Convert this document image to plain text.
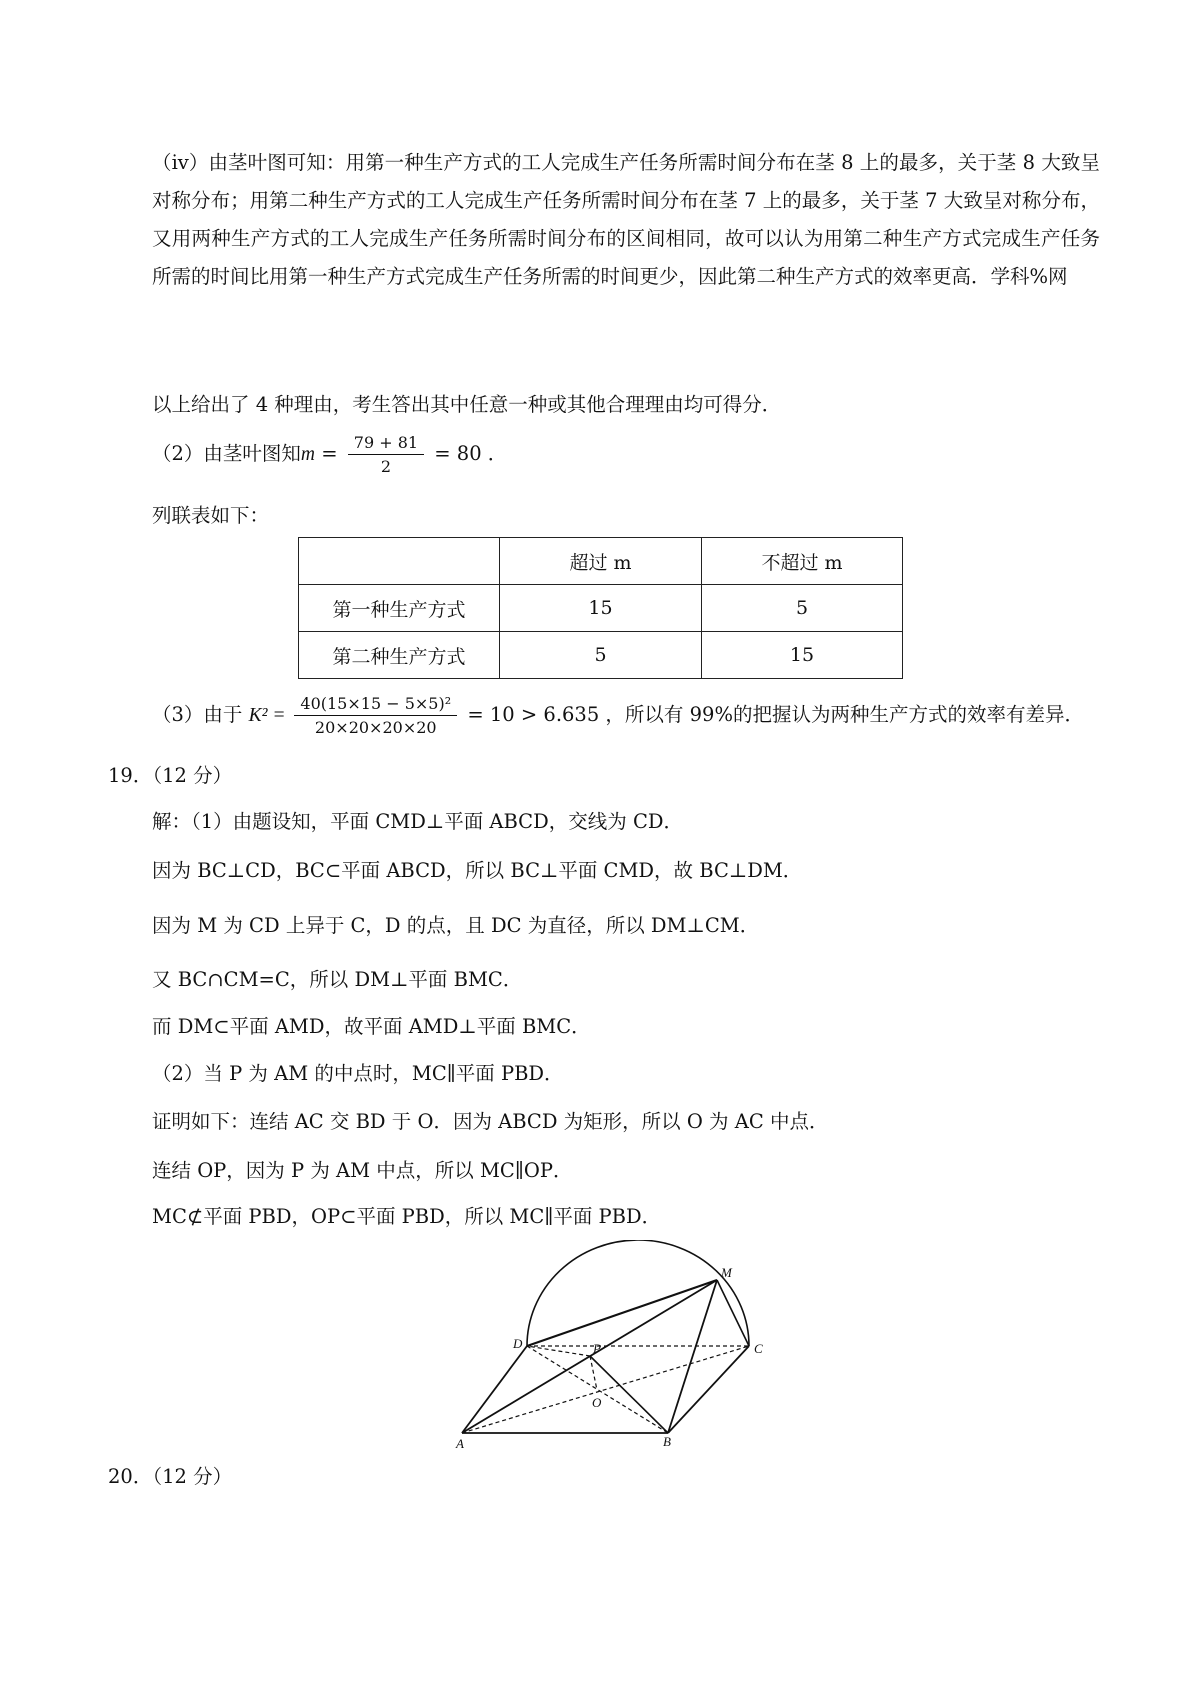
（iv）由茎叶图可知：用第一种生产方式的工人完成生产任务所需时间分布在茎 8 上的最多，关于茎 8 大致呈对称分布；用第二种生产方式的工人完成生产任务所需时间分布在茎 7 上的最多，关于茎 7 大致呈对称分布，又用两种生产方式的工人完成生产任务所需时间分布的区间相同，故可以认为用第二种生产方式完成生产任务所需的时间比用第一种生产方式完成生产任务所需的时间更少，因此第二种生产方式的效率更高．学科%网
以上给出了 4 种理由，考生答出其中任意一种或其他合理理由均可得分．
（2）由茎叶图知$m = \frac{79 + 81}{2} = 80$ ．
列联表如下：
	超过 m	不超过 m
第一种生产方式	15	5
第二种生产方式	5	15
（3）由于 $K^2 = \frac{\text{40(15×15 − 5×5)²}}{20\times 20\times 20\times 20} = 10 > 6.635$ ，所以有 99%的把握认为两种生产方式的效率有差异．
19．（12 分）
解：（1）由题设知，平面 CMD⊥平面 ABCD，交线为 CD．
因为 BC⊥CD，BC⊂平面 ABCD，所以 BC⊥平面 CMD，故 BC⊥DM．
因为 M 为 CD 上异于 C，D 的点，且 DC 为直径，所以 DM⊥CM．
又 BC∩CM=C，所以 DM⊥平面 BMC．
而 DM⊂平面 AMD，故平面 AMD⊥平面 BMC．
（2）当 P 为 AM 的中点时，MC∥平面 PBD．
证明如下：连结 AC 交 BD 于 O．因为 ABCD 为矩形，所以 O 为 AC 中点．
连结 OP，因为 P 为 AM 中点，所以 MC∥OP．
MC⊄平面 PBD，OP⊂平面 PBD，所以 MC∥平面 PBD．
M
D	C
P
O
A	B
20．（12 分）
